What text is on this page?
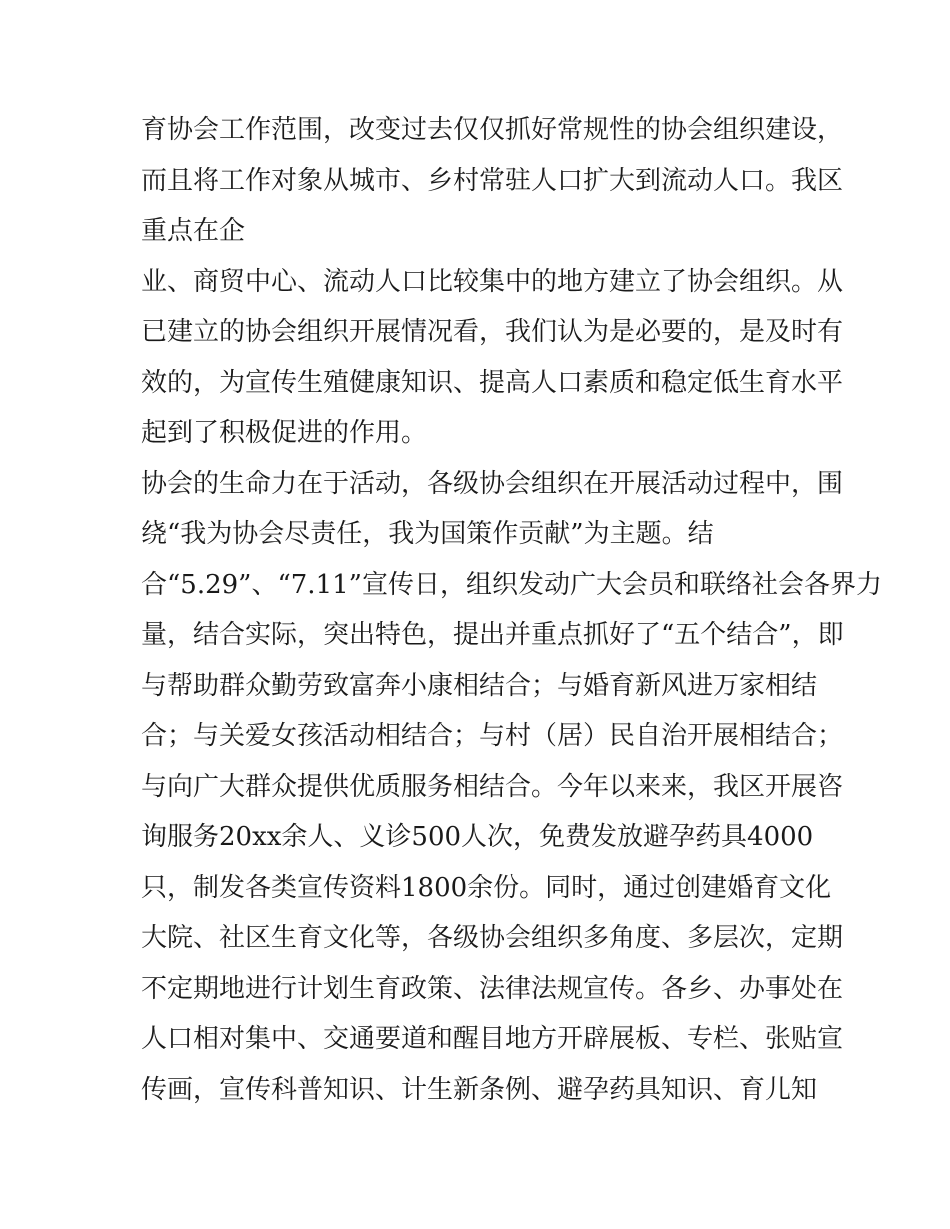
育协会工作范围，改变过去仅仅抓好常规性的协会组织建设，
而且将工作对象从城市、乡村常驻人口扩大到流动人口。我区
重点在企
业、商贸中心、流动人口比较集中的地方建立了协会组织。从
已建立的协会组织开展情况看，我们认为是必要的，是及时有
效的，为宣传生殖健康知识、提高人口素质和稳定低生育水平
起到了积极促进的作用。
协会的生命力在于活动，各级协会组织在开展活动过程中，围
绕“我为协会尽责任，我为国策作贡献”为主题。结
合“5.29”、“7.11”宣传日，组织发动广大会员和联络社会各界力
量，结合实际，突出特色，提出并重点抓好了“五个结合”，即
与帮助群众勤劳致富奔小康相结合；与婚育新风进万家相结
合；与关爱女孩活动相结合；与村（居）民自治开展相结合；
与向广大群众提供优质服务相结合。今年以来来，我区开展咨
询服务20xx余人、义诊500人次，免费发放避孕药具4000
只，制发各类宣传资料1800余份。同时，通过创建婚育文化
大院、社区生育文化等，各级协会组织多角度、多层次，定期
不定期地进行计划生育政策、法律法规宣传。各乡、办事处在
人口相对集中、交通要道和醒目地方开辟展板、专栏、张贴宣
传画，宣传科普知识、计生新条例、避孕药具知识、育儿知
